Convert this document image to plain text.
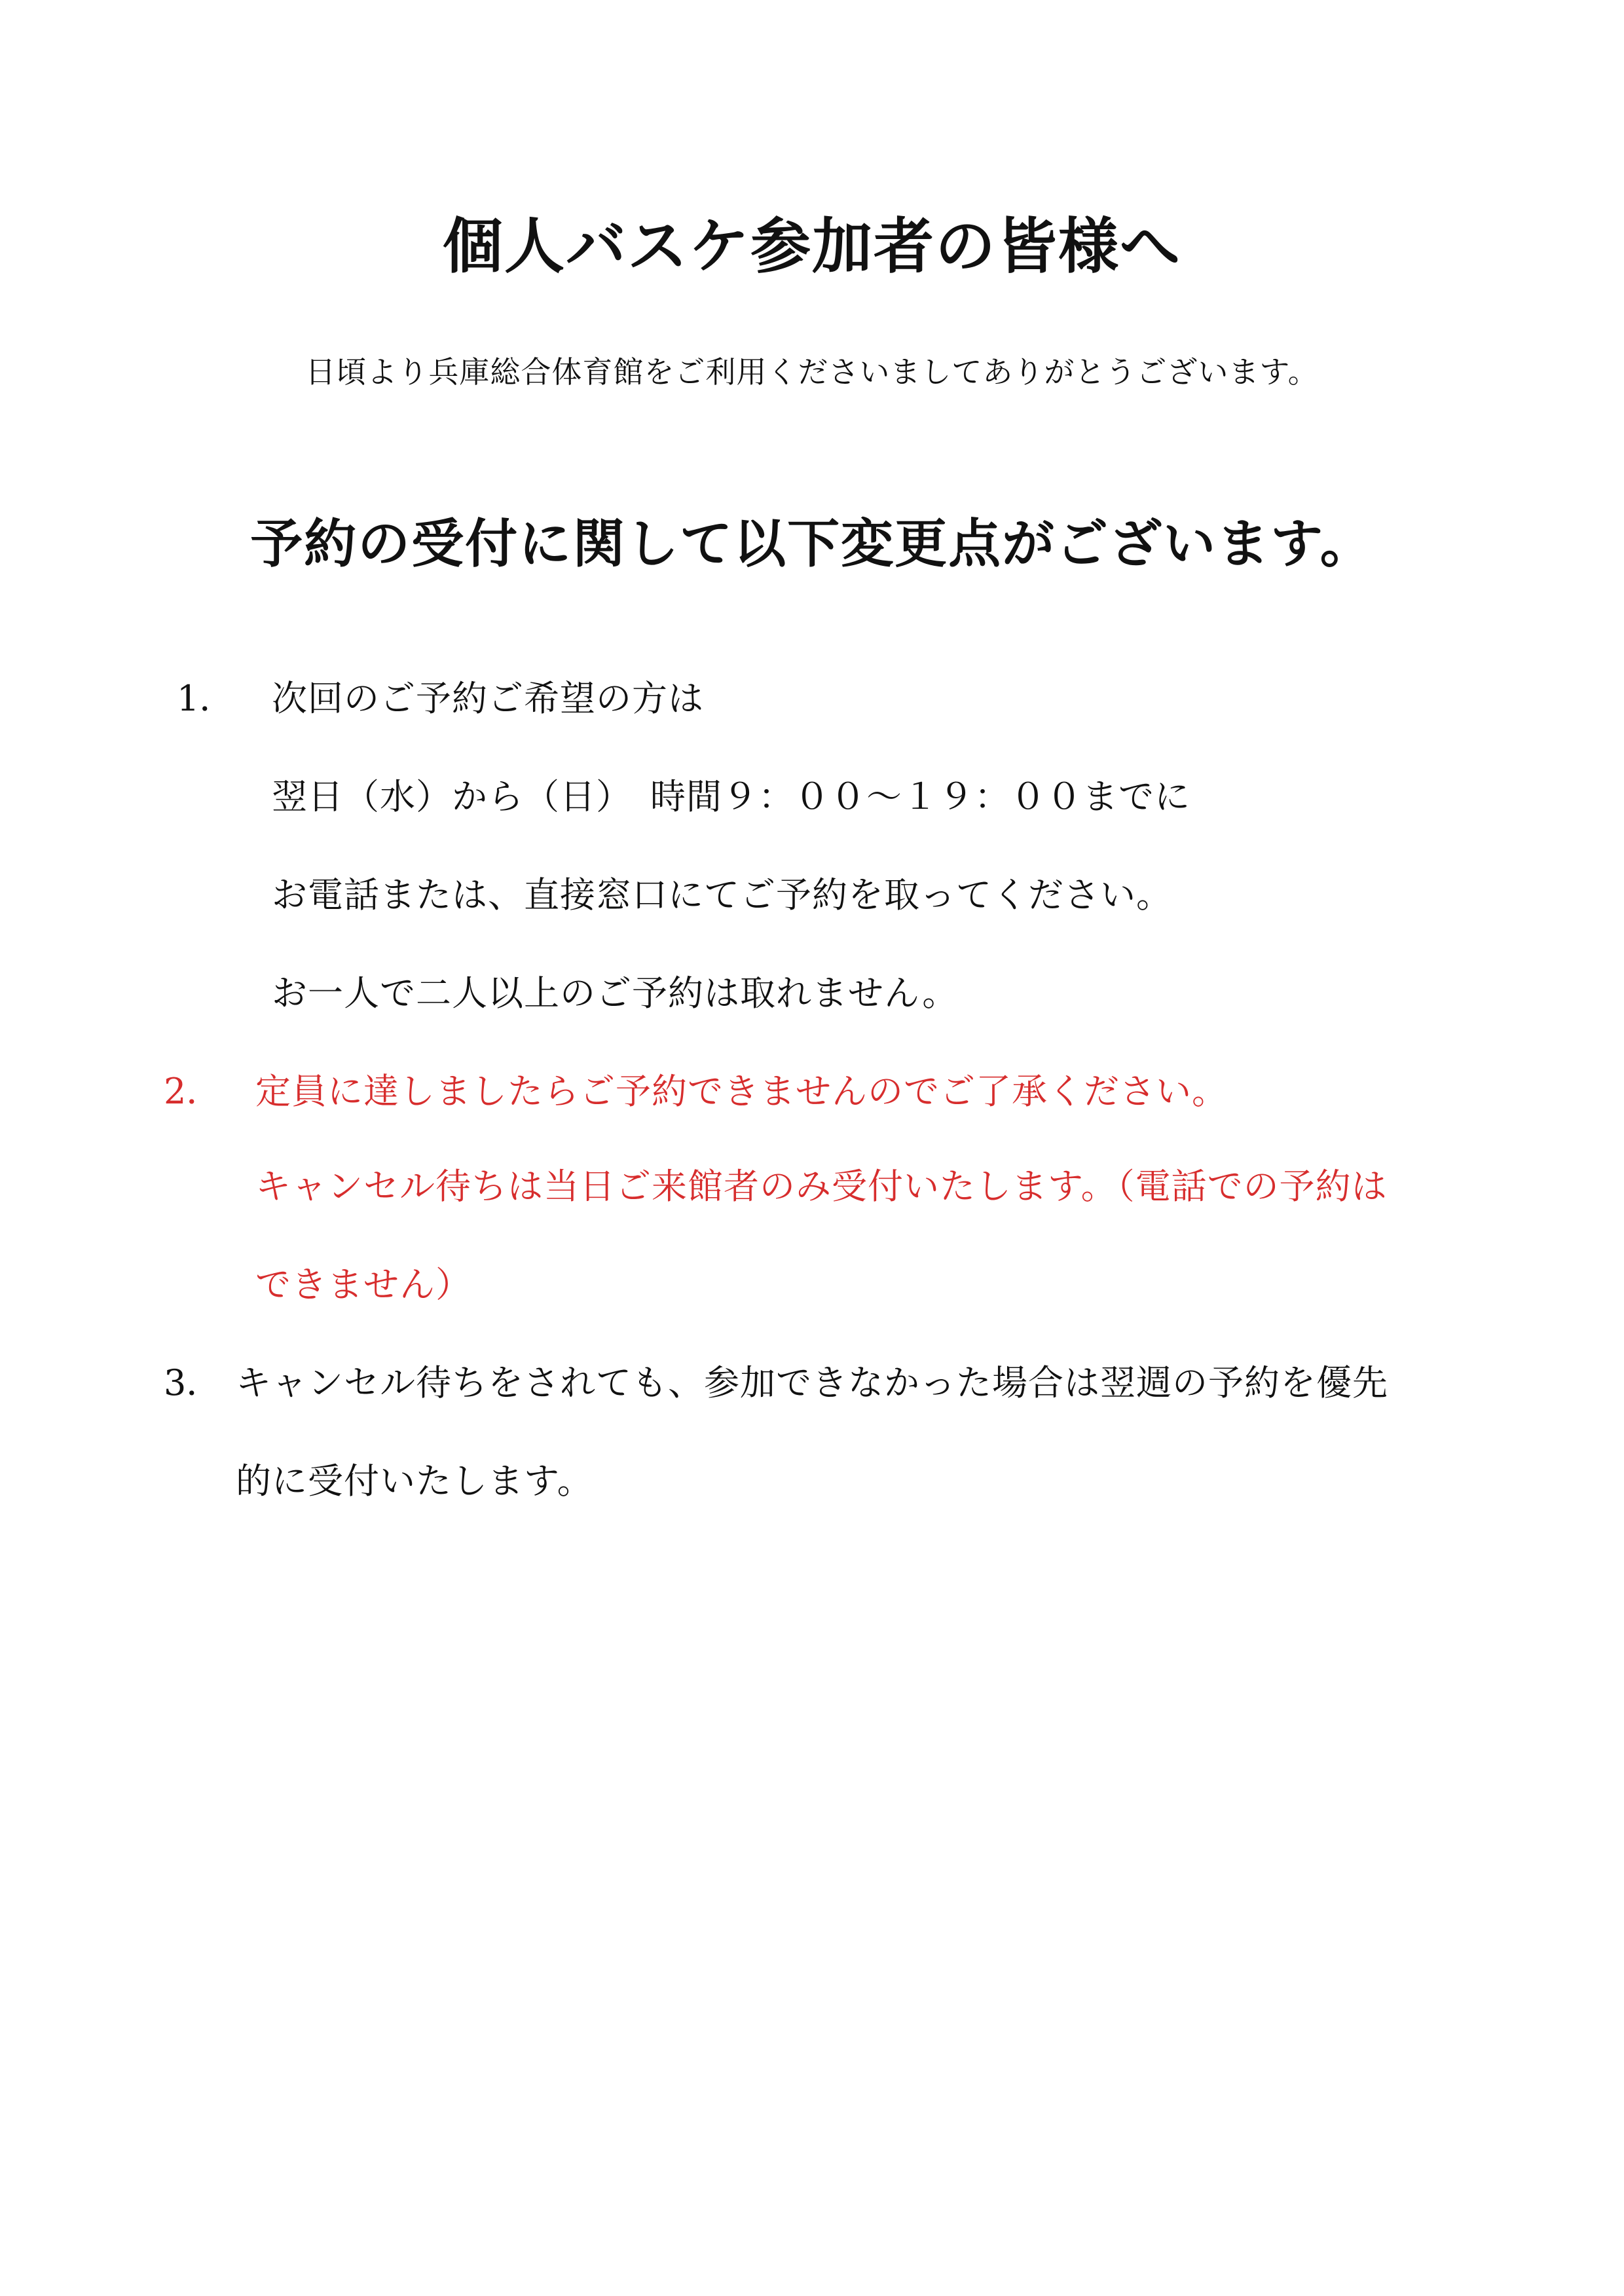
個人バスケ参加者の皆様へ
日頃より兵庫総合体育館をご利用くださいましてありがとうございます。
予約の受付に関して以下変更点がございます。
1． 次回のご予約ご希望の方は
翌日（水）から（日）　時間９：００～１９：００までに
お電話または、直接窓口にてご予約を取ってください。
お一人で二人以上のご予約は取れません。
2． 定員に達しましたらご予約できませんのでご了承ください。
キャンセル待ちは当日ご来館者のみ受付いたします。（電話での予約は
できません）
3． キャンセル待ちをされても、参加できなかった場合は翌週の予約を優先
的に受付いたします。
